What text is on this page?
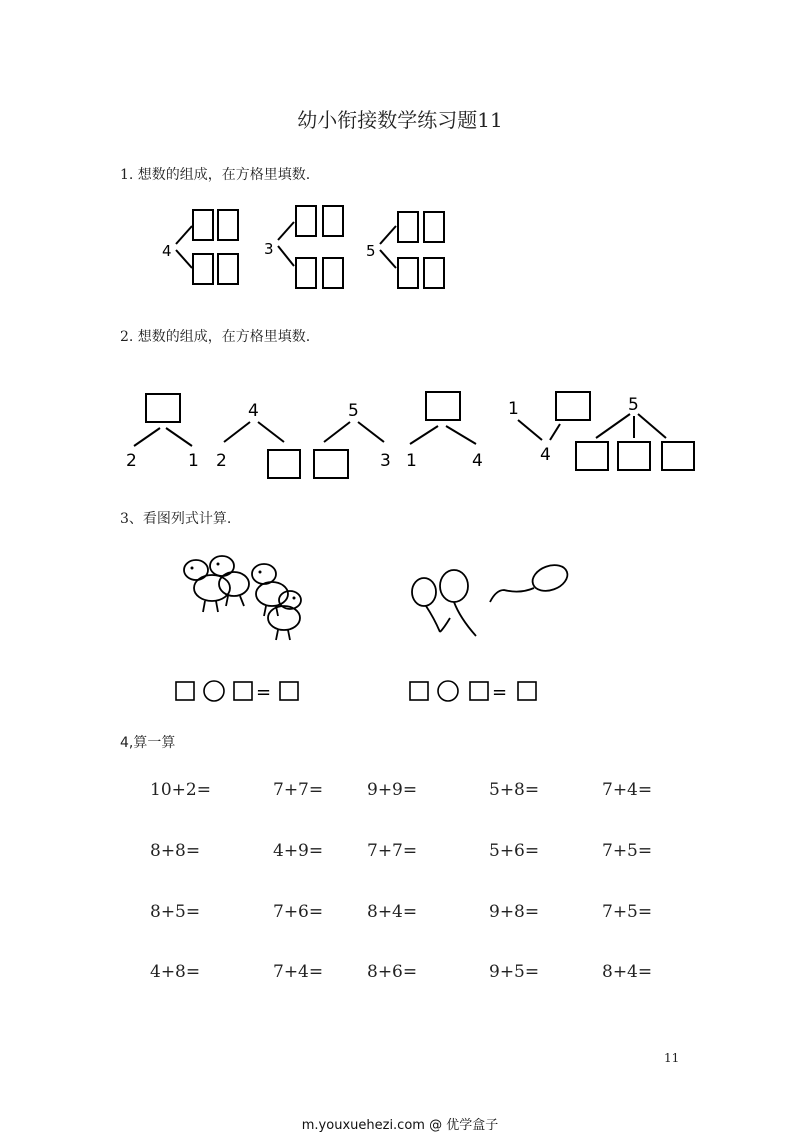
幼小衔接数学练习题11
1. 想数的组成，在方格里填数.
4	3	5
2. 想数的组成，在方格里填数.
2	1
4
2
5
3 1	4
1
4
5
3、看图列式计算.
=	=
4,算一算
10+2=	7+7=	9+9=	5+8=	7+4=
8+8=	4+9=	7+7=	5+6=	7+5=
8+5=	7+6=	8+4=	9+8=	7+5=
4+8=	7+4=	8+6=	9+5=	8+4=
11
m.youxuehezi.com @ 优学盒子
